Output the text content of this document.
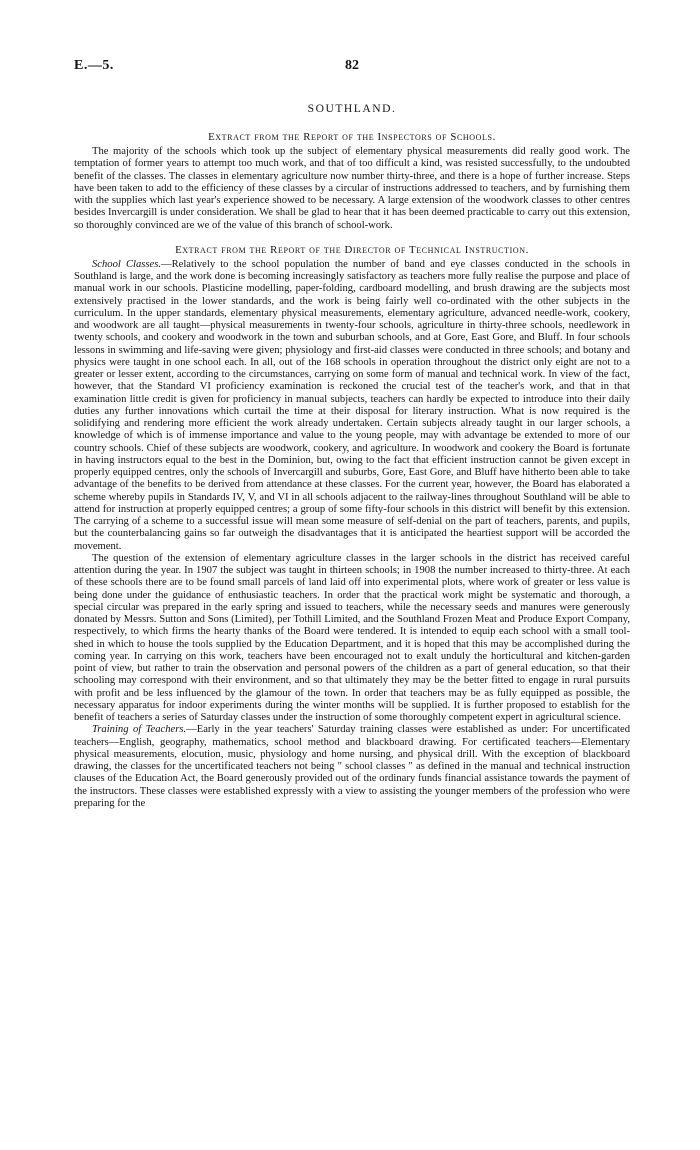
E.—5.	82
SOUTHLAND.
Extract from the Report of the Inspectors of Schools.

The majority of the schools which took up the subject of elementary physical measurements did really good work. The temptation of former years to attempt too much work, and that of too difficult a kind, was resisted successfully, to the undoubted benefit of the classes. The classes in elementary agriculture now number thirty-three, and there is a hope of further increase. Steps have been taken to add to the efficiency of these classes by a circular of instructions addressed to teachers, and by furnishing them with the supplies which last year's experience showed to be necessary. A large extension of the woodwork classes to other centres besides Invercargill is under consideration. We shall be glad to hear that it has been deemed practicable to carry out this extension, so thoroughly convinced are we of the value of this branch of school-work.

Extract from the Report of the Director of Technical Instruction.

School Classes.—Relatively to the school population the number of band and eye classes conducted in the schools in Southland is large, and the work done is becoming increasingly satisfactory as teachers more fully realise the purpose and place of manual work in our schools. Plasticine modelling, paper-folding, cardboard modelling, and brush drawing are the subjects most extensively practised in the lower standards, and the work is being fairly well co-ordinated with the other subjects in the curriculum. In the upper standards, elementary physical measurements, elementary agriculture, advanced needle-work, cookery, and woodwork are all taught—physical measurements in twenty-four schools, agriculture in thirty-three schools, needlework in twenty schools, and cookery and woodwork in the town and suburban schools, and at Gore, East Gore, and Bluff. In four schools lessons in swimming and life-saving were given; physiology and first-aid classes were conducted in three schools; and botany and physics were taught in one school each. In all, out of the 168 schools in operation throughout the district only eight are not to a greater or lesser extent, according to the circumstances, carrying on some form of manual and technical work. In view of the fact, however, that the Standard VI proficiency examination is reckoned the crucial test of the teacher's work, and that in that examination little credit is given for proficiency in manual subjects, teachers can hardly be expected to introduce into their daily duties any further innovations which curtail the time at their disposal for literary instruction. What is now required is the solidifying and rendering more efficient the work already undertaken. Certain subjects already taught in our larger schools, a knowledge of which is of immense importance and value to the young people, may with advantage be extended to more of our country schools. Chief of these subjects are woodwork, cookery, and agriculture. In woodwork and cookery the Board is fortunate in having instructors equal to the best in the Dominion, but, owing to the fact that efficient instruction cannot be given except in properly equipped centres, only the schools of Invercargill and suburbs, Gore, East Gore, and Bluff have hitherto been able to take advantage of the benefits to be derived from attendance at these classes. For the current year, however, the Board has elaborated a scheme whereby pupils in Standards IV, V, and VI in all schools adjacent to the railway-lines throughout Southland will be able to attend for instruction at properly equipped centres; a group of some fifty-four schools in this district will benefit by this extension. The carrying of a scheme to a successful issue will mean some measure of self-denial on the part of teachers, parents, and pupils, but the counterbalancing gains so far outweigh the disadvantages that it is anticipated the heartiest support will be accorded the movement.

The question of the extension of elementary agriculture classes in the larger schools in the district has received careful attention during the year. In 1907 the subject was taught in thirteen schools; in 1908 the number increased to thirty-three. At each of these schools there are to be found small parcels of land laid off into experimental plots, where work of greater or less value is being done under the guidance of enthusiastic teachers. In order that the practical work might be systematic and thorough, a special circular was prepared in the early spring and issued to teachers, while the necessary seeds and manures were generously donated by Messrs. Sutton and Sons (Limited), per Tothill Limited, and the Southland Frozen Meat and Produce Export Company, respectively, to which firms the hearty thanks of the Board were tendered. It is intended to equip each school with a small tool-shed in which to house the tools supplied by the Education Department, and it is hoped that this may be accomplished during the coming year. In carrying on this work, teachers have been encouraged not to exalt unduly the horticultural and kitchen-garden point of view, but rather to train the observation and personal powers of the children as a part of general education, so that their schooling may correspond with their environment, and so that ultimately they may be the better fitted to engage in rural pursuits with profit and be less influenced by the glamour of the town. In order that teachers may be as fully equipped as possible, the necessary apparatus for indoor experiments during the winter months will be supplied. It is further proposed to establish for the benefit of teachers a series of Saturday classes under the instruction of some thoroughly competent expert in agricultural science.

Training of Teachers.—Early in the year teachers' Saturday training classes were established as under: For uncertificated teachers—English, geography, mathematics, school method and blackboard drawing. For certificated teachers—Elementary physical measurements, elocution, music, physiology and home nursing, and physical drill. With the exception of blackboard drawing, the classes for the uncertificated teachers not being " school classes " as defined in the manual and technical instruction clauses of the Education Act, the Board generously provided out of the ordinary funds financial assistance towards the payment of the instructors. These classes were established expressly with a view to assisting the younger members of the profession who were preparing for the
